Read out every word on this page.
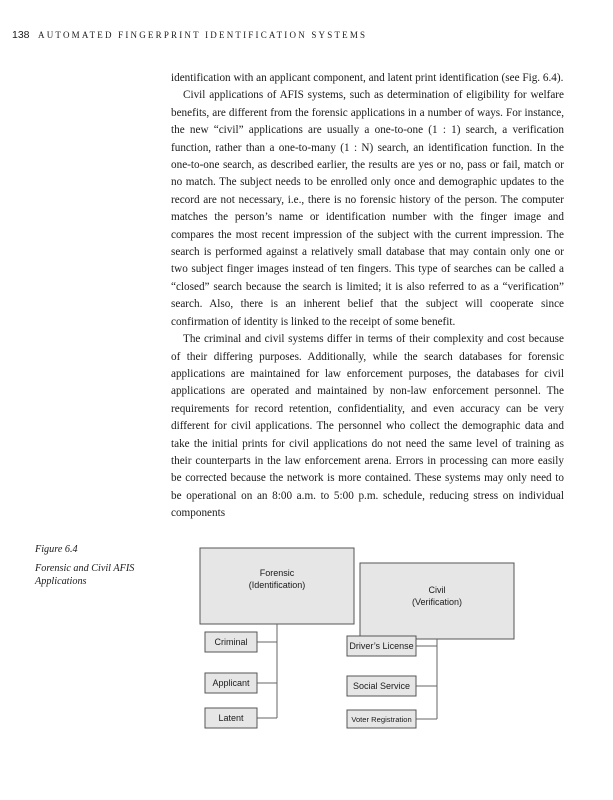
138 AUTOMATED FINGERPRINT IDENTIFICATION SYSTEMS

identification with an applicant component, and latent print identification (see Fig. 6.4).

Civil applications of AFIS systems, such as determination of eligibility for welfare benefits, are different from the forensic applications in a number of ways. For instance, the new “civil” applications are usually a one-to-one (1 : 1) search, a verification function, rather than a one-to-many (1 : N) search, an identification function. In the one-to-one search, as described earlier, the results are yes or no, pass or fail, match or no match. The subject needs to be enrolled only once and demographic updates to the record are not necessary, i.e., there is no forensic history of the person. The computer matches the person’s name or identification number with the finger image and compares the most recent impression of the subject with the current impression. The search is performed against a relatively small database that may contain only one or two subject finger images instead of ten fingers. This type of searches can be called a “closed” search because the search is limited; it is also referred to as a “verification” search. Also, there is an inherent belief that the subject will cooperate since confirmation of identity is linked to the receipt of some benefit.

The criminal and civil systems differ in terms of their complexity and cost because of their differing purposes. Additionally, while the search databases for forensic applications are maintained for law enforcement purposes, the databases for civil applications are operated and maintained by non-law enforcement personnel. The requirements for record retention, confidentiality, and even accuracy can be very different for civil applications. The personnel who collect the demographic data and take the initial prints for civil applications do not need the same level of training as their counterparts in the law enforcement arena. Errors in processing can more easily be corrected because the network is more contained. These systems may only need to be operational on an 8:00 a.m. to 5:00 p.m. schedule, reducing stress on individual components

Figure 6.4
Forensic and Civil AFIS Applications
Forensic
(Identification)	Civil
(Verification)
Criminal
Applicant
Latent
Driver’s License
Social Service
Voter Registration
